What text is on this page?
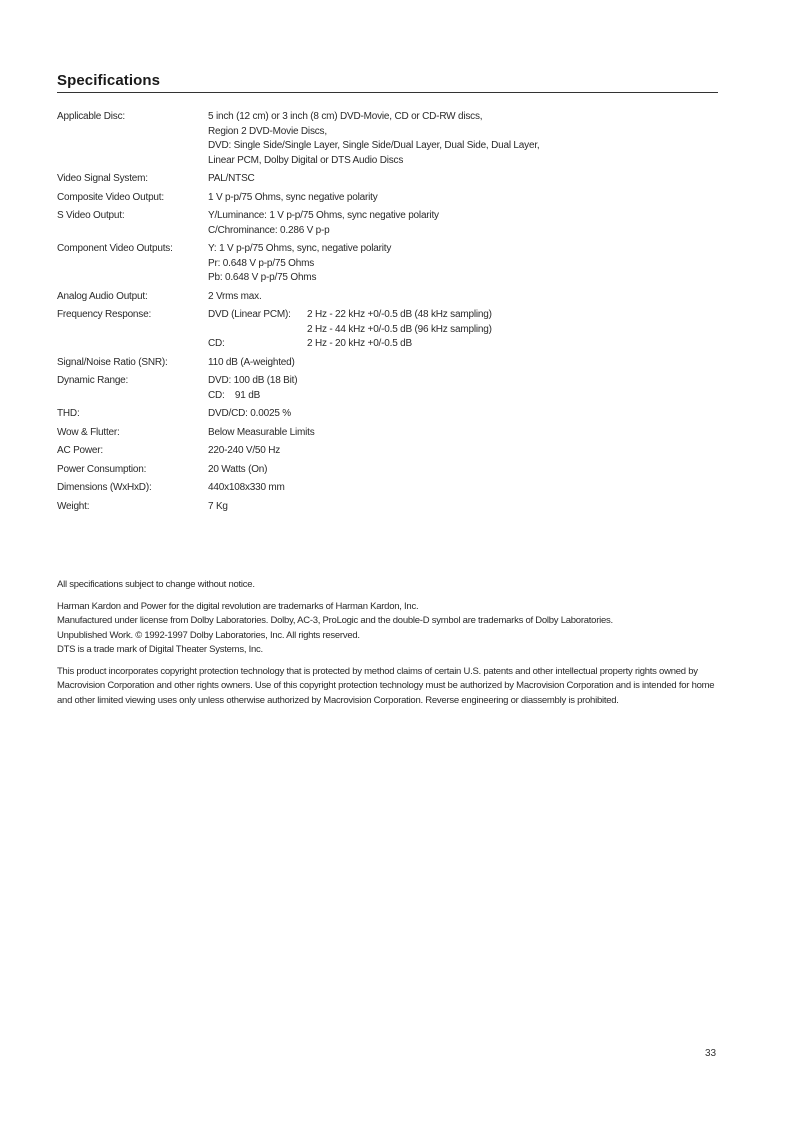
Specifications
Applicable Disc:	5 inch (12 cm) or 3 inch (8 cm) DVD-Movie, CD or CD-RW discs,
Region 2 DVD-Movie Discs,
DVD: Single Side/Single Layer, Single Side/Dual Layer, Dual Side, Dual Layer,
Linear PCM, Dolby Digital or DTS Audio Discs
Video Signal System:	PAL/NTSC
Composite Video Output:	1 V p-p/75 Ohms, sync negative polarity
S Video Output:	Y/Luminance: 1 V p-p/75 Ohms, sync negative polarity
C/Chrominance: 0.286 V p-p
Component Video Outputs:	Y: 1 V p-p/75 Ohms, sync, negative polarity
Pr: 0.648 V p-p/75 Ohms
Pb: 0.648 V p-p/75 Ohms
Analog Audio Output:	2 Vrms max.
Frequency Response:	DVD (Linear PCM):	2 Hz - 22 kHz +0/-0.5 dB (48 kHz sampling)
2 Hz - 44 kHz +0/-0.5 dB (96 kHz sampling)
CD:	2 Hz - 20 kHz +0/-0.5 dB
Signal/Noise Ratio (SNR):	110 dB (A-weighted)
Dynamic Range:	DVD: 100 dB (18 Bit)
CD:    91 dB
THD:	DVD/CD: 0.0025 %
Wow & Flutter:	Below Measurable Limits
AC Power:	220-240 V/50 Hz
Power Consumption:	20 Watts (On)
Dimensions (WxHxD):	440x108x330 mm
Weight:	7 Kg

All specifications subject to change without notice.

Harman Kardon and Power for the digital revolution are trademarks of Harman Kardon, Inc.
Manufactured under license from Dolby Laboratories. Dolby, AC-3, ProLogic and the double-D symbol are trademarks of Dolby Laboratories.
Unpublished Work. © 1992-1997 Dolby Laboratories, Inc. All rights reserved.
DTS is a trade mark of Digital Theater Systems, Inc.

This product incorporates copyright protection technology that is protected by method claims of certain U.S. patents and other intellectual property rights owned by Macrovision Corporation and other rights owners. Use of this copyright protection technology must be authorized by Macrovision Corporation and is intended for home and other limited viewing uses only unless otherwise authorized by Macrovision Corporation. Reverse engineering or diassembly is prohibited.

33
